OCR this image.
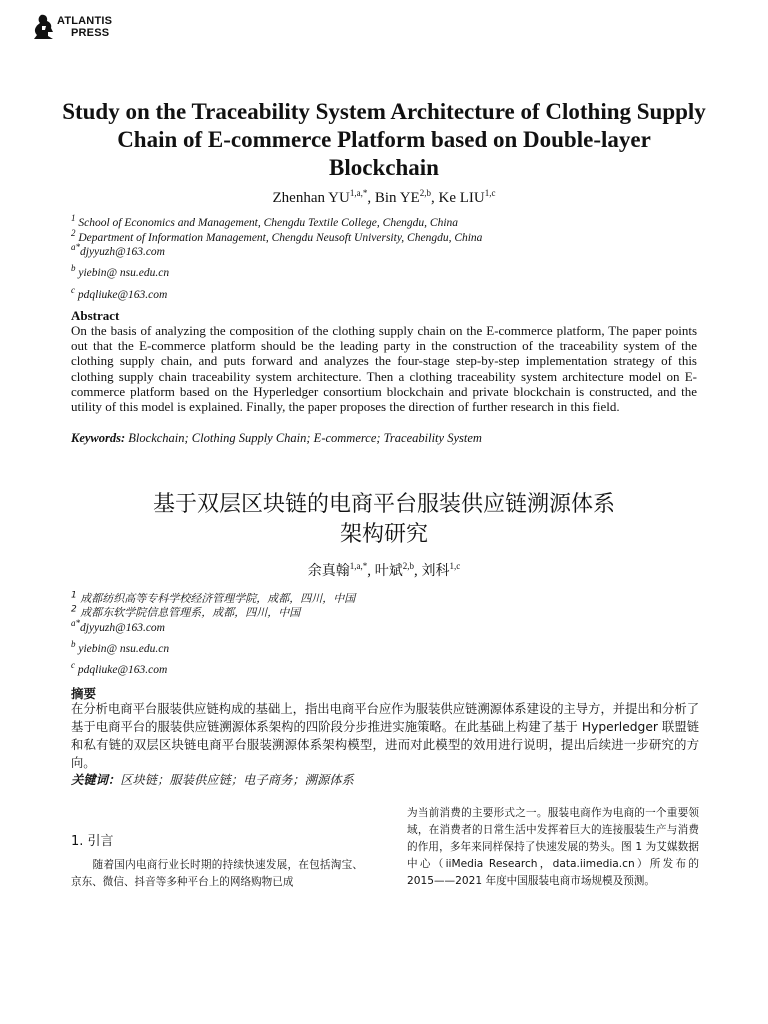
ATLANTIS
PRESS
Study on the Traceability System Architecture of Clothing Supply Chain of E-commerce Platform based on Double-layer Blockchain
Zhenhan $YU^{1,a,*}$, Bin YE$^{2,b}$, Ke LIU$^{1,c}$
$^1$ School of Economics and Management, Chengdu Textile College, Chengdu, China
$^2$ Department of Information Management, Chengdu Neusoft University, Chengdu, China
$^{a*}$djyyuzh@163.com
$^b$ yiebin@ nsu.edu.cn
$^c$ pdqliuke@163.com
Abstract
On the basis of analyzing the composition of the clothing supply chain on the E-commerce platform, The paper points out that the E-commerce platform should be the leading party in the construction of the traceability system of the clothing supply chain, and puts forward and analyzes the four-stage step-by-step implementation strategy of this clothing supply chain traceability system architecture. Then a clothing traceability system architecture model on E-commerce platform based on the Hyperledger consortium blockchain and private blockchain is constructed, and the utility of this model is explained. Finally, the paper proposes the direction of further research in this field.
Keywords: Blockchain; Clothing Supply Chain; E-commerce; Traceability System
基于双层区块链的电商平台服装供应链溯源体系
架构研究
余真翰$^{1,a,*}$, 叶斌$^{2,b}$, 刘科$^{1,c}$
$^1$ 成都纺织高等专科学校经济管理学院，成都，四川，中国
$^2$ 成都东软学院信息管理系，成都，四川，中国
$^{a*}$djyyuzh@163.com
$^b$ yiebin@ nsu.edu.cn
$^c$ pdqliuke@163.com
摘要
在分析电商平台服装供应链构成的基础上，指出电商平台应作为服装供应链溯源体系建设的主导方，并提出和分析了基于电商平台的服装供应链溯源体系架构的四阶段分步推进实施策略。在此基础上构建了基于 Hyperledger 联盟链和私有链的双层区块链电商平台服装溯源体系架构模型，进而对此模型的效用进行说明，提出后续进一步研究的方向。
关键词：区块链；服装供应链；电子商务；溯源体系
1. 引言
　　随着国内电商行业长时期的持续快速发展，在包括淘宝、京东、微信、抖音等多种平台上的网络购物已成
为当前消费的主要形式之一。服装电商作为电商的一个重要领域，在消费者的日常生活中发挥着巨大的连接服装生产与消费的作用，多年来同样保持了快速发展的势头。图 1 为艾媒数据中心（iiMedia Research，data.iimedia.cn）所发布的 2015——2021 年度中国服装电商市场规模及预测。
